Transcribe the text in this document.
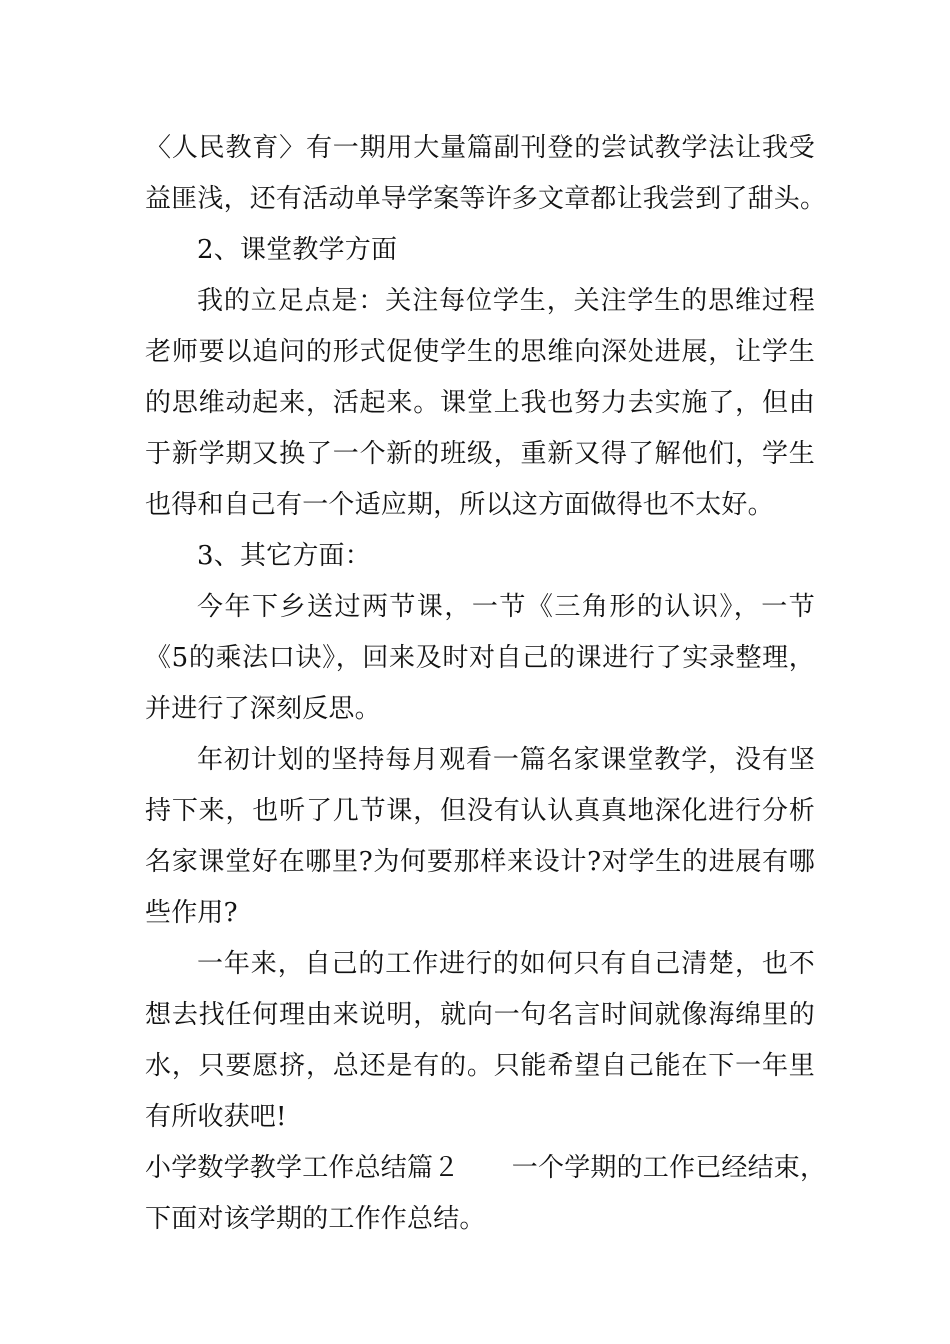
〈人民教育〉有一期用大量篇副刊登的尝试教学法让我受
益匪浅，还有活动单导学案等许多文章都让我尝到了甜头。
2、课堂教学方面
我的立足点是：关注每位学生，关注学生的思维过程
老师要以追问的形式促使学生的思维向深处进展，让学生
的思维动起来，活起来。课堂上我也努力去实施了，但由
于新学期又换了一个新的班级，重新又得了解他们，学生
也得和自己有一个适应期，所以这方面做得也不太好。
3、其它方面：
今年下乡送过两节课，一节《三角形的认识》，一节
《5的乘法口诀》，回来及时对自己的课进行了实录整理，
并进行了深刻反思。
年初计划的坚持每月观看一篇名家课堂教学，没有坚
持下来，也听了几节课，但没有认认真真地深化进行分析
名家课堂好在哪里?为何要那样来设计?对学生的进展有哪
些作用?
一年来，自己的工作进行的如何只有自己清楚，也不
想去找任何理由来说明，就向一句名言时间就像海绵里的
水，只要愿挤，总还是有的。只能希望自己能在下一年里
有所收获吧!
小学数学教学工作总结篇２　　一个学期的工作已经结束，
下面对该学期的工作作总结。
